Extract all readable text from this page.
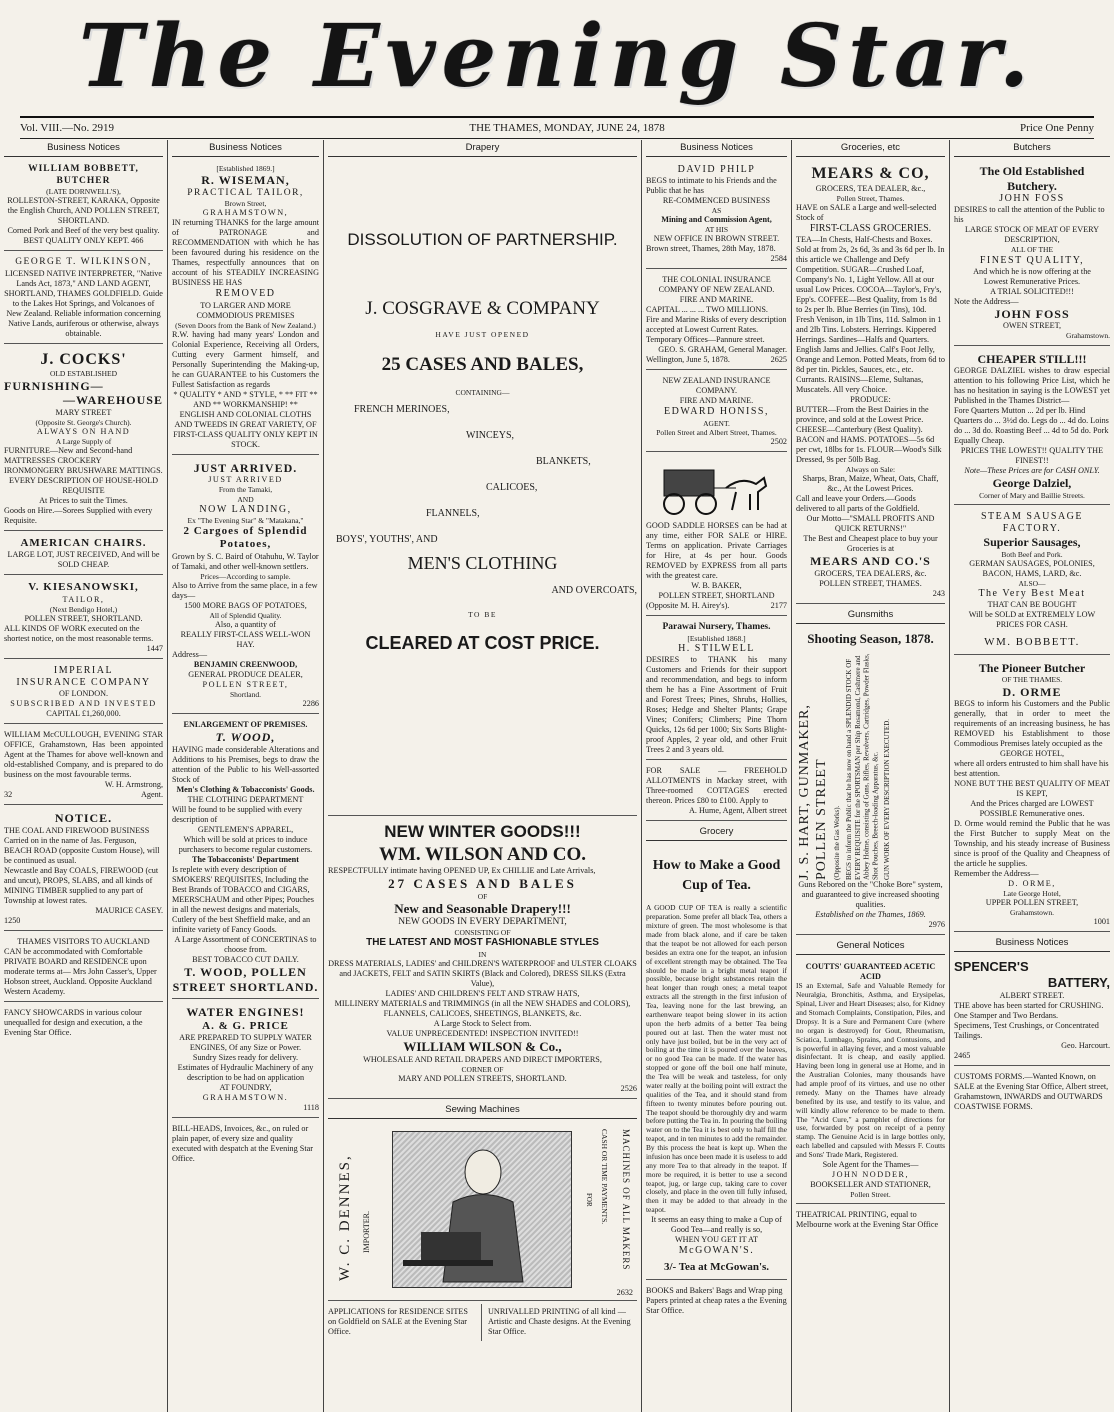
The Evening Star.
Vol. VIII.—No. 2919	THE THAMES, MONDAY, JUNE 24, 1878	Price One Penny
Business Notices
WILLIAM BOBBETT, BUTCHER
(LATE DORNWELL'S),
ROLLESTON-STREET, KARAKA, Opposite the English Church, AND POLLEN STREET, SHORTLAND.
Corned Pork and Beef of the very best quality.
BEST QUALITY ONLY KEPT. 466
GEORGE T. WILKINSON,
LICENSED NATIVE INTERPRETER, "Native Lands Act, 1873," AND LAND AGENT, SHORTLAND, THAMES GOLDFIELD. Guide to the Lakes Hot Springs, and Volcanoes of New Zealand. Reliable information concerning Native Lands, auriferous or otherwise, always obtainable.
J. COCKS'
OLD ESTABLISHED
FURNISHING—
—WAREHOUSE
MARY STREET
(Opposite St. George's Church).
ALWAYS ON HAND
A Large Supply of
FURNITURE—New and Second-hand MATTRESSES CROCKERY IRONMONGERY BRUSHWARE MATTINGS.
EVERY DESCRIPTION OF HOUSE-HOLD REQUISITE
At Prices to suit the Times.
Goods on Hire.—Sorees Supplied with every Requisite.
AMERICAN CHAIRS.
LARGE LOT, JUST RECEIVED, And will be SOLD CHEAP.
V. KIESANOWSKI,
TAILOR,
(Next Bendigo Hotel,)
POLLEN STREET, SHORTLAND.
ALL KINDS OF WORK executed on the shortest notice, on the most reasonable terms.
1447
IMPERIAL
INSURANCE COMPANY
OF LONDON.
SUBSCRIBED AND INVESTED
CAPITAL £1,260,000.
WILLIAM McCULLOUGH, EVENING STAR OFFICE, Grahamstown, Has been appointed Agent at the Thames for above well-known and old-established Company, and is prepared to do business on the most favourable terms.
W. H. Armstrong,
32	Agent.
NOTICE.
THE COAL AND FIREWOOD BUSINESS Carried on in the name of Jas. Ferguson, BEACH ROAD (opposite Custom House), will be continued as usual.
Newcastle and Bay COALS, FIREWOOD (cut and uncut), PROPS, SLABS, and all kinds of MINING TIMBER supplied to any part of Township at lowest rates.
MAURICE CASEY.
1250
THAMES VISITORS TO AUCKLAND
CAN be accommodated with Comfortable PRIVATE BOARD and RESIDENCE upon moderate terms at— Mrs John Casser's, Upper Hobson street, Auckland. Opposite Auckland Western Academy.
FANCY SHOWCARDS in various colour unequalled for design and execution, a the Evening Star Office.
Business Notices
[Established 1869.]
R. WISEMAN,
PRACTICAL TAILOR,
Brown Street,
GRAHAMSTOWN,
IN returning THANKS for the large amount of PATRONAGE and RECOMMENDATION with which he has been favoured during his residence on the Thames, respectfully announces that on account of his STEADILY INCREASING BUSINESS HE HAS
REMOVED
TO LARGER AND MORE COMMODIOUS PREMISES
(Seven Doors from the Bank of New Zealand.)
R.W. having had many years' London and Colonial Experience, Receiving all Orders, Cutting every Garment himself, and Personally Superintending the Making-up, he can GUARANTEE to his Customers the Fullest Satisfaction as regards
* QUALITY * AND * STYLE, * ** FIT ** AND ** WORKMANSHIP! **
ENGLISH AND COLONIAL CLOTHS AND TWEEDS IN GREAT VARIETY, OF FIRST-CLASS QUALITY ONLY KEPT IN STOCK.
JUST ARRIVED.
JUST ARRIVED
From the Tamaki,
AND
NOW LANDING,
Ex "The Evening Star" & "Matakana,"
2 Cargoes of Splendid Potatoes,
Grown by S. C. Baird of Otahuhu, W. Taylor of Tamaki, and other well-known settlers.
Prices—According to sample.
Also to Arrive from the same place, in a few days—
1500 MORE BAGS OF POTATOES,
All of Splendid Quality.
Also, a quantity of
REALLY FIRST-CLASS WELL-WON HAY.
Address—
BENJAMIN CREENWOOD,
GENERAL PRODUCE DEALER,
POLLEN STREET,
Shortland.
2286
ENLARGEMENT OF PREMISES.
T. WOOD,
HAVING made considerable Alterations and Additions to his Premises, begs to draw the attention of the Public to his Well-assorted Stock of
Men's Clothing & Tobacconists' Goods.
THE CLOTHING DEPARTMENT
Will be found to be supplied with every description of
GENTLEMEN'S APPAREL,
Which will be sold at prices to induce purchasers to become regular customers.
The Tobacconists' Department
Is replete with every description of SMOKERS' REQUISITES, Including the Best Brands of TOBACCO and CIGARS, MEERSCHAUM and other Pipes; Pouches in all the newest designs and materials, Cutlery of the best Sheffield make, and an infinite variety of Fancy Goods.
A Large Assortment of CONCERTINAS to choose from.
BEST TOBACCO CUT DAILY.
T. WOOD, POLLEN STREET SHORTLAND.
WATER ENGINES!
A. & G. PRICE
ARE PREPARED TO SUPPLY WATER ENGINES, Of any Size or Power.
Sundry Sizes ready for delivery.
Estimates of Hydraulic Machinery of any description to be had on application
AT FOUNDRY,
GRAHAMSTOWN.
1118
BILL-HEADS, Invoices, &c., on ruled or plain paper, of every size and quality executed with despatch at the Evening Star Office.
Drapery
DISSOLUTION OF PARTNERSHIP.
J. COSGRAVE & COMPANY
HAVE JUST OPENED
25 CASES AND BALES,
CONTAINING—
FRENCH MERINOES,
WINCEYS,
BLANKETS,
CALICOES,
FLANNELS,
BOYS', YOUTHS', AND
MEN'S CLOTHING
AND OVERCOATS,
TO BE
CLEARED AT COST PRICE.
NEW WINTER GOODS!!!
WM. WILSON AND CO.
RESPECTFULLY intimate having OPENED UP, Ex CHILLIE and Late Arrivals,
27 CASES AND BALES
OF
New and Seasonable Drapery!!!
NEW GOODS IN EVERY DEPARTMENT,
CONSISTING OF
THE LATEST AND MOST FASHIONABLE STYLES
IN
DRESS MATERIALS, LADIES' and CHILDREN'S WATERPROOF and ULSTER CLOAKS and JACKETS, FELT and SATIN SKIRTS (Black and Colored), DRESS SILKS (Extra Value),
LADIES' AND CHILDREN'S FELT AND STRAW HATS,
MILLINERY MATERIALS and TRIMMINGS (in all the NEW SHADES and COLORS), FLANNELS, CALICOES, SHEETINGS, BLANKETS, &c.
A Large Stock to Select from.
VALUE UNPRECEDENTED! INSPECTION INVITED!!
WILLIAM WILSON & Co.,
WHOLESALE AND RETAIL DRAPERS AND DIRECT IMPORTERS,
CORNER OF
MARY AND POLLEN STREETS, SHORTLAND.
2526
Sewing Machines
W. C. DENNES, IMPORTER.	MACHINES OF ALL MAKERS
CASH OR TIME PAYMENTS.
FOR
2632
APPLICATIONS for RESIDENCE SITES on Goldfield on SALE at the Evening Star Office.
UNRIVALLED PRINTING of all kind —Artistic and Chaste designs. At the Evening Star Office.
Business Notices
DAVID PHILP
BEGS to intimate to his Friends and the Public that he has
RE-COMMENCED BUSINESS
AS
Mining and Commission Agent,
AT HIS
NEW OFFICE IN BROWN STREET.
Brown street, Thames, 28th May, 1878.
2584
THE COLONIAL INSURANCE COMPANY OF NEW ZEALAND.
FIRE AND MARINE.
CAPITAL ... ... ... TWO MILLIONS.
Fire and Marine Risks of every description accepted at Lowest Current Rates. Temporary Offices—Pannure street.
GEO. S. GRAHAM, General Manager.
Wellington, June 5, 1878.	2625
NEW ZEALAND INSURANCE COMPANY.
FIRE AND MARINE.
EDWARD HONISS,
AGENT.
Pollen Street and Albert Street, Thames.
2502
GOOD SADDLE HORSES can be had at any time, either FOR SALE or HIRE. Terms on application. Private Carriages for Hire, at 4s per hour. Goods REMOVED by EXPRESS from all parts with the greatest care.
W. B. BAKER,
POLLEN STREET, SHORTLAND
(Opposite M. H. Airey's).	2177
Parawai Nursery, Thames.
[Established 1868.]
H. STILWELL
DESIRES to THANK his many Customers and Friends for their support and recommendation, and begs to inform them he has a Fine Assortment of Fruit and Forest Trees; Pines, Shrubs, Hollies, Roses; Hedge and Shelter Plants; Grape Vines; Conifers; Climbers; Pine Thorn Quicks, 12s 6d per 1000; Six Sorts Blight-proof Apples, 2 year old, and other Fruit Trees 2 and 3 years old.
FOR SALE — FREEHOLD ALLOTMENTS in Mackay street, with Three-roomed COTTAGES erected thereon. Prices £80 to £100. Apply to
A. Hume, Agent, Albert street
Grocery
How to Make a Good Cup of Tea.
A GOOD CUP OF TEA is really a scientific preparation. Some prefer all black Tea, others a mixture of green. The most wholesome is that made from black alone, and if care be taken that the teapot be not allowed for each person besides an extra one for the teapot, an infusion of excellent strength may be obtained. The Tea should be made in a bright metal teapot if possible, because bright substances retain the heat longer than rough ones; a metal teapot extracts all the strength in the first infusion of Tea, leaving none for the last brewing, an earthenware teapot being slower in its action upon the herb admits of a better Tea being poured out at last. Then the water must not only have just boiled, but be in the very act of boiling at the time it is poured over the leaves, or no good Tea can be made. If the water has stopped or gone off the boil one half minute, the Tea will be weak and tasteless, for only water really at the boiling point will extract the qualities of the Tea, and it should stand from fifteen to twenty minutes before pouring out. The teapot should be thoroughly dry and warm before putting the Tea in. In pouring the boiling water on to the Tea it is best only to half fill the teapot, and in ten minutes to add the remainder. By this process the heat is kept up. When the infusion has once been made it is useless to add any more Tea to that already in the teapot. If more be required, it is better to use a second teapot, jug, or large cup, taking care to cover closely, and place in the oven till fully infused, then it may be added to that already in the teapot.
It seems an easy thing to make a Cup of Good Tea—and really is so,
WHEN YOU GET IT AT
McGOWAN'S.
3/- Tea at McGowan's.
BOOKS and Bakers' Bags and Wrap ping Papers printed at cheap rates a the Evening Star Office.
Groceries, etc
MEARS & CO,
GROCERS, TEA DEALER, &c.,
Pollen Street, Thames.
HAVE on SALE a Large and well-selected Stock of
FIRST-CLASS GROCERIES.
TEA—In Chests, Half-Chests and Boxes. Sold at from 2s, 2s 6d, 3s and 3s 6d per lb. In this article we Challenge and Defy Competition. SUGAR—Crushed Loaf, Company's No. 1, Light Yellow. All at our usual Low Prices. COCOA—Taylor's, Fry's, Epp's. COFFEE—Best Quality, from 1s 8d to 2s per lb. Blue Berries (in Tins), 10d. Fresh Venison, in 1lb Tins, 11d. Salmon in 1 and 2lb Tins. Lobsters. Herrings. Kippered Herrings. Sardines—Halfs and Quarters. English Jams and Jellies. Calf's Foot Jelly, Orange and Lemon. Potted Meats, from 6d to 8d per tin. Pickles, Sauces, etc., etc. Currants. RAISINS—Eleme, Sultanas, Muscatels. All very Choice.
PRODUCE:
BUTTER—From the Best Dairies in the province, and sold at the Lowest Price. CHEESE—Canterbury (Best Quality). BACON and HAMS. POTATOES—5s 6d per cwt, 18lbs for 1s. FLOUR—Wood's Silk Dressed, 9s per 50lb Bag.
Always on Sale:
Sharps, Bran, Maize, Wheat, Oats, Chaff, &c., At the Lowest Prices.
Call and leave your Orders.—Goods delivered to all parts of the Goldfield.
Our Motto—"SMALL PROFITS AND QUICK RETURNS!"
The Best and Cheapest place to buy your Groceries is at
MEARS AND CO.'S
GROCERS, TEA DEALERS, &c.
POLLEN STREET, THAMES.
243
Gunsmiths
Shooting Season, 1878.
J. S. HART, GUNMAKER, POLLEN STREET (Opposite the Gas Works). BEGS to inform the Public that he has now on hand a SPLENDID STOCK OF EVERY REQUISITE for the SPORTSMAN per Ship Rosamond, Cashmere and Abbey Holme, consisting of Guns, Rifles, Revolvers, Cartridges, Powder Flasks, Shot Pouches, Breech-loading Apparatus, &c. GUN WORK OF EVERY DESCRIPTION EXECUTED.
Guns Rebored on the "Choke Bore" system, and guaranteed to give increased shooting qualities.
Established on the Thames, 1869.
2976
General Notices
COUTTS' GUARANTEED ACETIC ACID
IS an External, Safe and Valuable Remedy for Neuralgia, Bronchitis, Asthma, and Erysipelas, Spinal, Liver and Heart Diseases; also, for Kidney and Stomach Complaints, Constipation, Piles, and Dropsy. It is a Sure and Permanent Cure (where no organ is destroyed) for Gout, Rheumatism, Sciatica, Lumbago, Sprains, and Contusions, and is powerful in allaying fever, and a most valuable disinfectant. It is cheap, and easily applied. Having been long in general use at Home, and in the Australian Colonies, many thousands have had ample proof of its virtues, and use no other remedy. Many on the Thames have already benefited by its use, and testify to its value, and will kindly allow reference to be made to them. The "Acid Cure," a pamphlet of directions for use, forwarded by post on receipt of a penny stamp. The Genuine Acid is in large bottles only, each labelled and capsuled with Messrs F. Coutts and Sons' Trade Mark, Registered.
Sole Agent for the Thames—
JOHN NODDER,
BOOKSELLER AND STATIONER,
Pollen Street.
THEATRICAL PRINTING, equal to Melbourne work at the Evening Star Office
Butchers
The Old Established Butchery.
JOHN FOSS
DESIRES to call the attention of the Public to his
LARGE STOCK OF MEAT OF EVERY DESCRIPTION,
ALL OF THE
FINEST QUALITY,
And which he is now offering at the
Lowest Remunerative Prices.
A TRIAL SOLICITED!!!
Note the Address—
JOHN FOSS
OWEN STREET,
Grahamstown.
CHEAPER STILL!!!
GEORGE DALZIEL wishes to draw especial attention to his following Price List, which he has no hesitation in saying is the LOWEST yet Published in the Thames District—
Fore Quarters Mutton ... 2d per lb. Hind Quarters do ... 3½d do. Legs do ... 4d do. Loins do ... 3d do. Roasting Beef ... 4d to 5d do. Pork Equally Cheap.
PRICES THE LOWEST!! QUALITY THE FINEST!!
Note—These Prices are for CASH ONLY.
George Dalziel,
Corner of Mary and Baillie Streets.
STEAM SAUSAGE FACTORY.
Superior Sausages,
Both Beef and Pork.
GERMAN SAUSAGES, POLONIES,
BACON, HAMS, LARD, &c.
ALSO—
The Very Best Meat
THAT CAN BE BOUGHT
Will be SOLD at EXTREMELY LOW
PRICES FOR CASH.
WM. BOBBETT.
The Pioneer Butcher
OF THE THAMES.
D. ORME
BEGS to inform his Customers and the Public generally, that in order to meet the requirements of an increasing business, he has REMOVED his Establishment to those Commodious Premises lately occupied as the
GEORGE HOTEL,
where all orders entrusted to him shall have his best attention.
NONE BUT THE BEST QUALITY OF MEAT IS KEPT,
And the Prices charged are LOWEST POSSIBLE Remunerative ones.
D. Orme would remind the Public that he was the First Butcher to supply Meat on the Township, and his steady increase of Business since is proof of the Quality and Cheapness of the article he supplies.
Remember the Address—
D. ORME,
Late George Hotel,
UPPER POLLEN STREET,
Grahamstown.
1001
Business Notices
SPENCER'S
BATTERY,
ALBERT STREET.
THE above has been started for CRUSHING. One Stamper and Two Berdans.
Specimens, Test Crushings, or Concentrated Tailings.
Geo. Harcourt.
2465
CUSTOMS FORMS.—Wanted Known, on SALE at the Evening Star Office, Albert street, Grahamstown, INWARDS and OUTWARDS COASTWISE FORMS.
